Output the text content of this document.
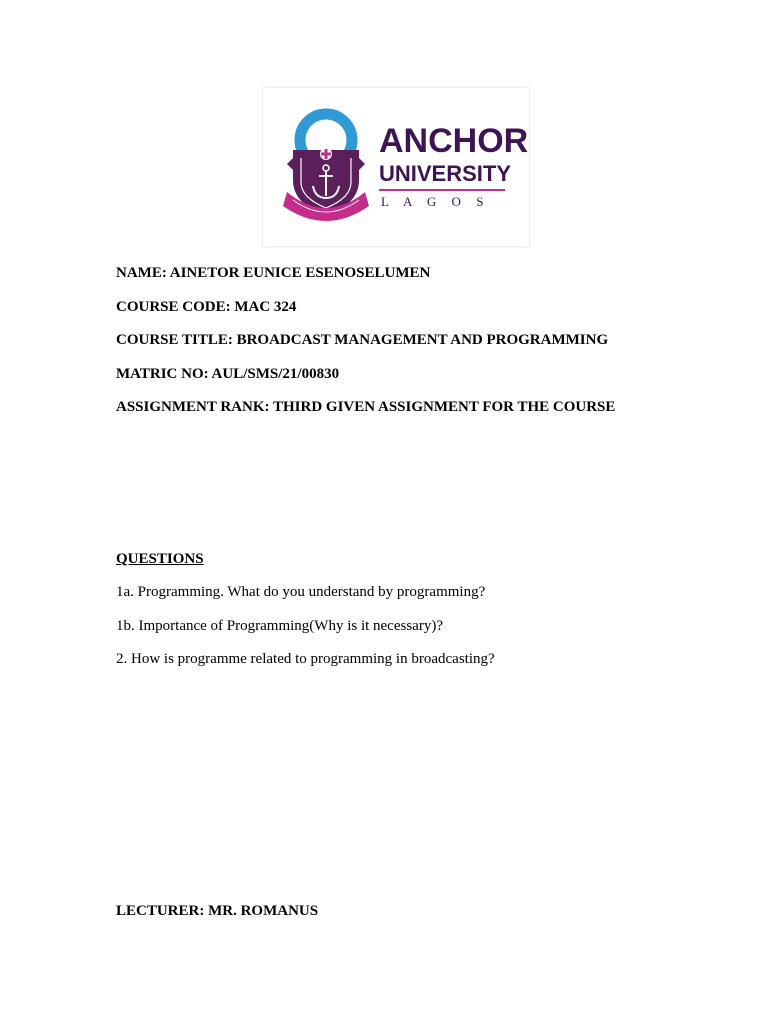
ANCHOR
UNIVERSITY
L A G O S
NAME: AINETOR EUNICE ESENOSELUMEN
COURSE CODE: MAC 324
COURSE TITLE: BROADCAST MANAGEMENT AND PROGRAMMING
MATRIC NO: AUL/SMS/21/00830
ASSIGNMENT RANK: THIRD GIVEN ASSIGNMENT FOR THE COURSE
QUESTIONS
1a. Programming. What do you understand by programming?
1b. Importance of Programming(Why is it necessary)?
2. How is programme related to programming in broadcasting?
LECTURER: MR. ROMANUS
